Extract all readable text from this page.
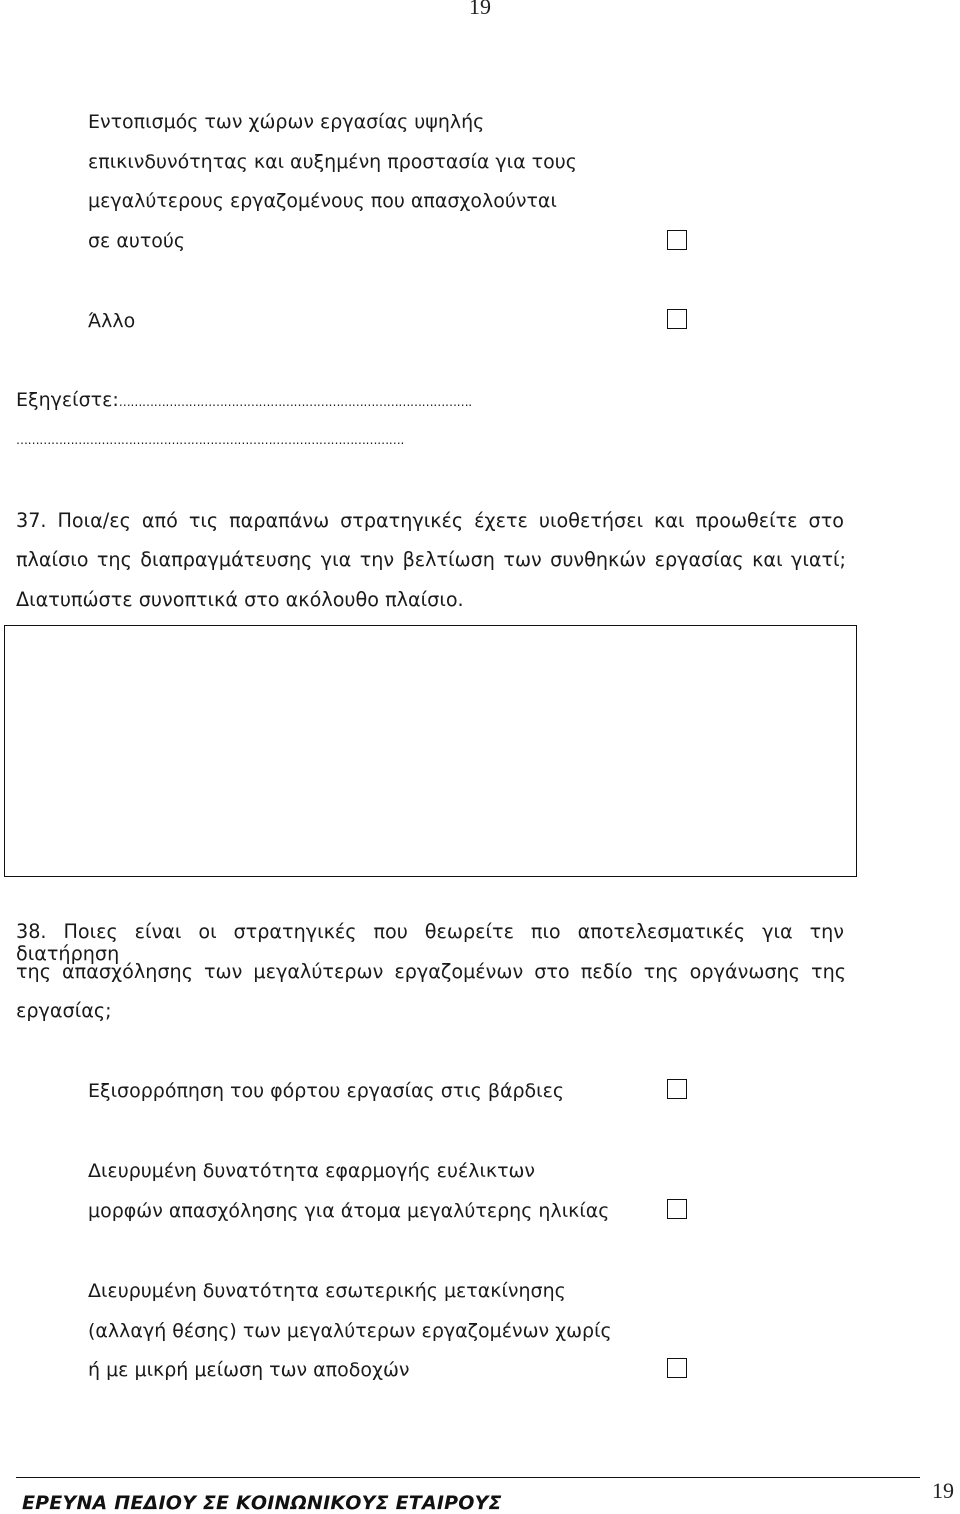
19
Εντοπισμός των χώρων εργασίας υψηλής
επικινδυνότητας και αυξημένη προστασία για τους
μεγαλύτερους εργαζομένους που απασχολούνται
σε αυτούς
Άλλο
Εξηγείστε:……………………………………………………………………………….
……………………………………………………………………………………….
37. Ποια/ες από τις παραπάνω στρατηγικές έχετε υιοθετήσει και προωθείτε στο
πλαίσιο της διαπραγμάτευσης για την βελτίωση των συνθηκών εργασίας και γιατί;
Διατυπώστε συνοπτικά στο ακόλουθο πλαίσιο.
38. Ποιες είναι οι στρατηγικές που θεωρείτε πιο αποτελεσματικές για την διατήρηση
της απασχόλησης των μεγαλύτερων εργαζομένων στο πεδίο της οργάνωσης της
εργασίας;
Εξισορρόπηση του φόρτου εργασίας στις βάρδιες
Διευρυμένη δυνατότητα εφαρμογής ευέλικτων
μορφών απασχόλησης για άτομα μεγαλύτερης ηλικίας
Διευρυμένη δυνατότητα εσωτερικής μετακίνησης
(αλλαγή θέσης) των μεγαλύτερων εργαζομένων χωρίς
ή με μικρή μείωση των αποδοχών
ΕΡΕΥΝΑ ΠΕΔΙΟΥ ΣΕ ΚΟΙΝΩΝΙΚΟΥΣ ΕΤΑΙΡΟΥΣ	19
